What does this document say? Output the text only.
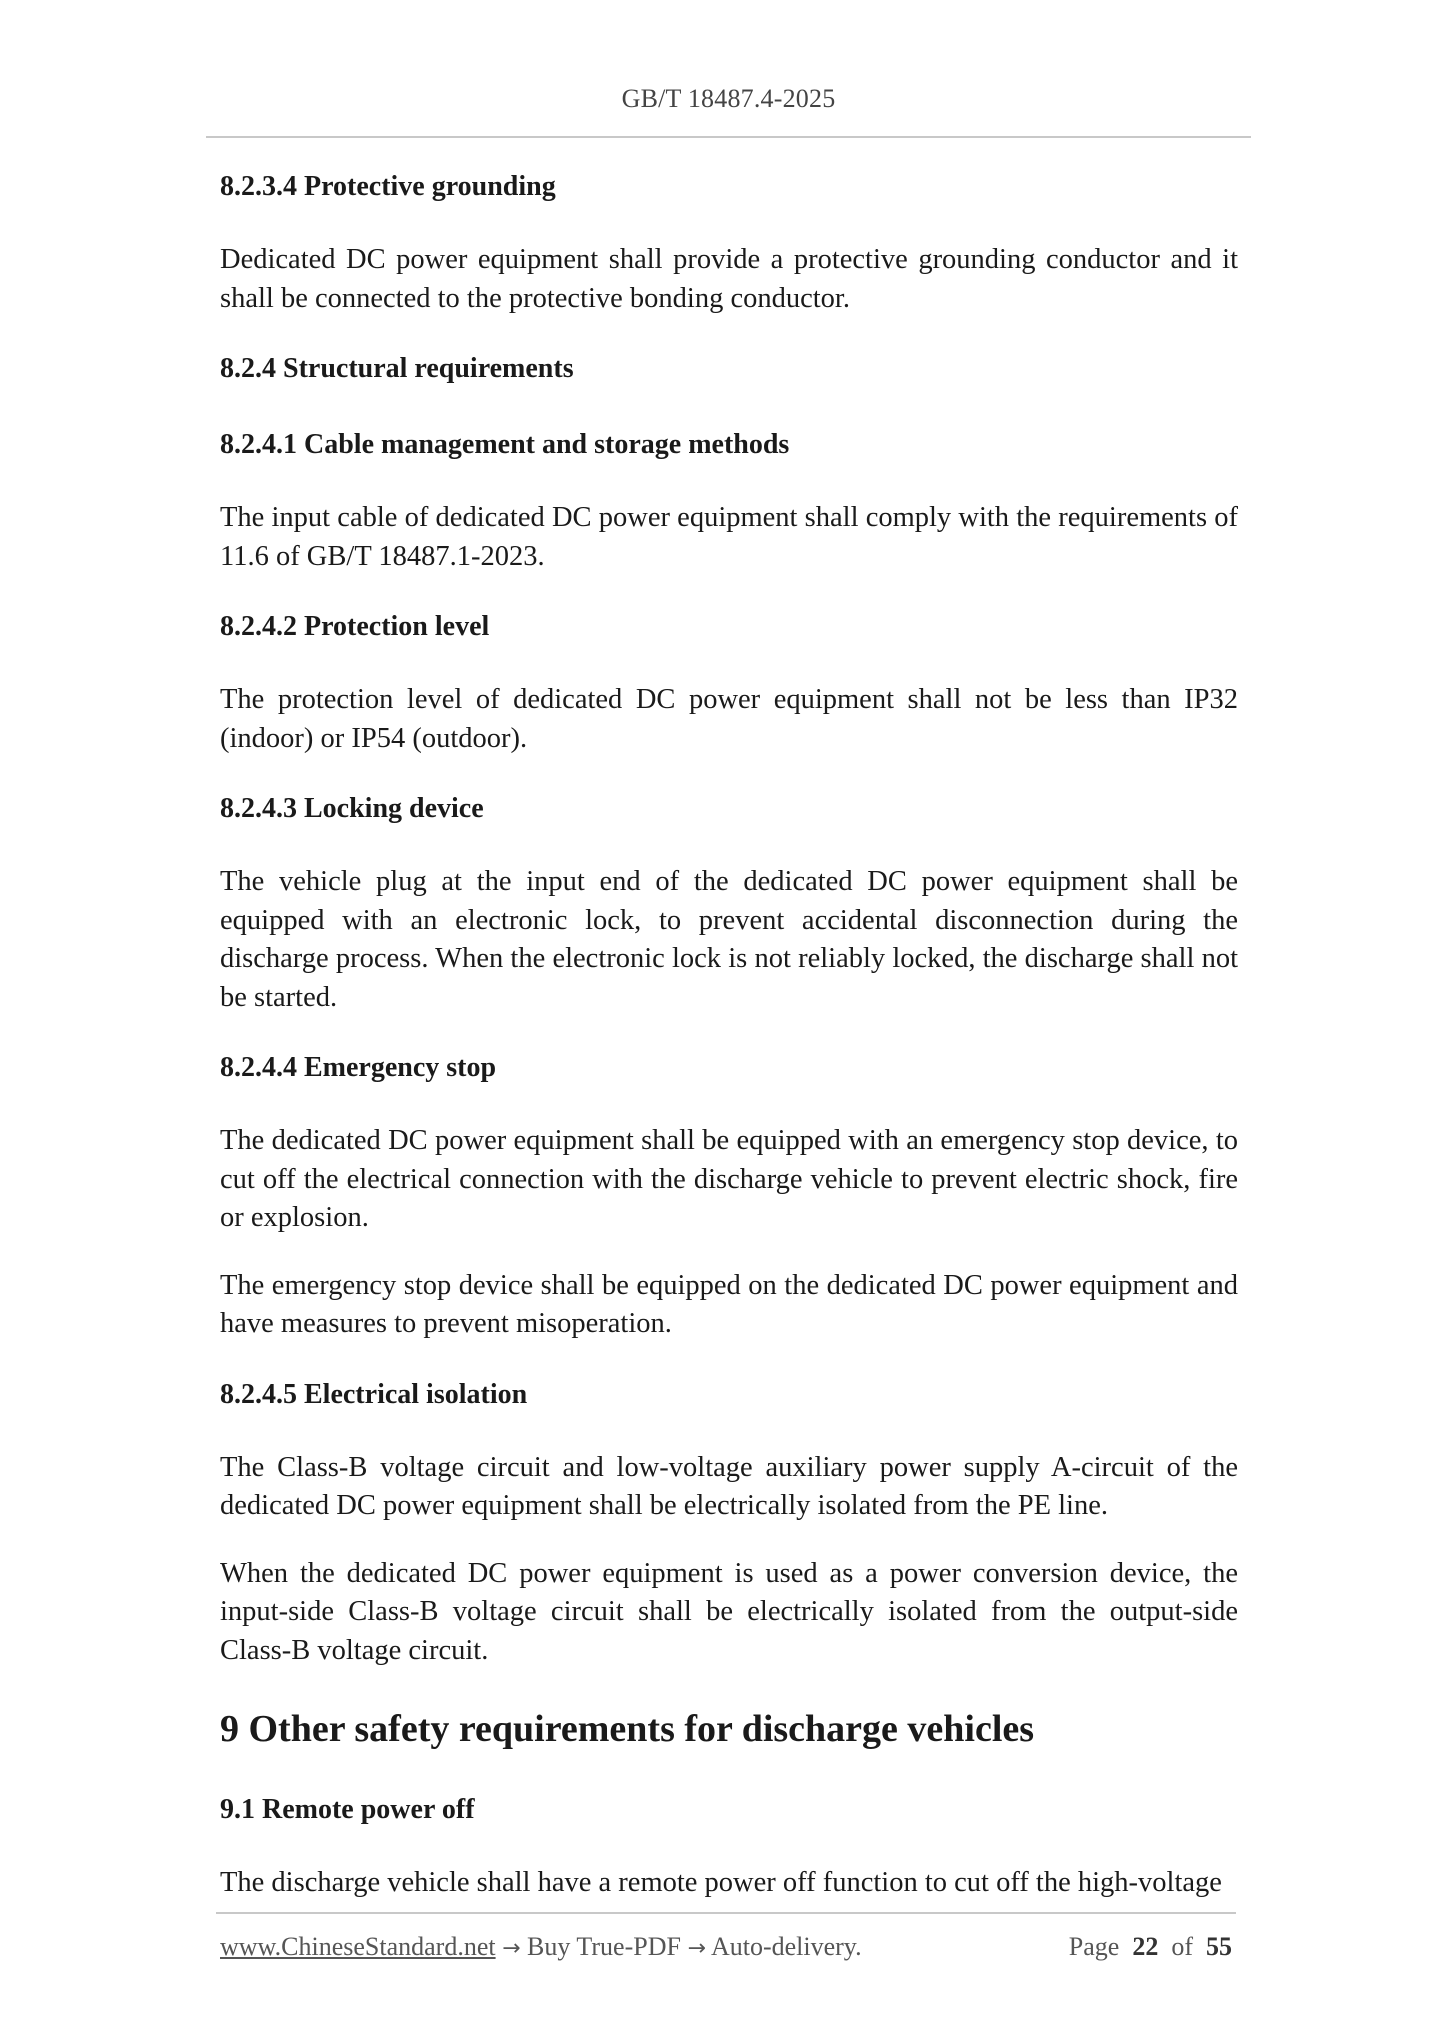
GB/T 18487.4-2025
8.2.3.4 Protective grounding

Dedicated DC power equipment shall provide a protective grounding conductor and it shall be connected to the protective bonding conductor.

8.2.4 Structural requirements
8.2.4.1 Cable management and storage methods

The input cable of dedicated DC power equipment shall comply with the requirements of 11.6 of GB/T 18487.1-2023.

8.2.4.2 Protection level

The protection level of dedicated DC power equipment shall not be less than IP32 (indoor) or IP54 (outdoor).

8.2.4.3 Locking device

The vehicle plug at the input end of the dedicated DC power equipment shall be equipped with an electronic lock, to prevent accidental disconnection during the discharge process. When the electronic lock is not reliably locked, the discharge shall not be started.

8.2.4.4 Emergency stop

The dedicated DC power equipment shall be equipped with an emergency stop device, to cut off the electrical connection with the discharge vehicle to prevent electric shock, fire or explosion.

The emergency stop device shall be equipped on the dedicated DC power equipment and have measures to prevent misoperation.

8.2.4.5 Electrical isolation

The Class-B voltage circuit and low-voltage auxiliary power supply A-circuit of the dedicated DC power equipment shall be electrically isolated from the PE line.

When the dedicated DC power equipment is used as a power conversion device, the input-side Class-B voltage circuit shall be electrically isolated from the output-side Class-B voltage circuit.

9 Other safety requirements for discharge vehicles
9.1 Remote power off

The discharge vehicle shall have a remote power off function to cut off the high-voltage

www.ChineseStandard.net → Buy True-PDF → Auto-delivery.	Page 22 of 55
